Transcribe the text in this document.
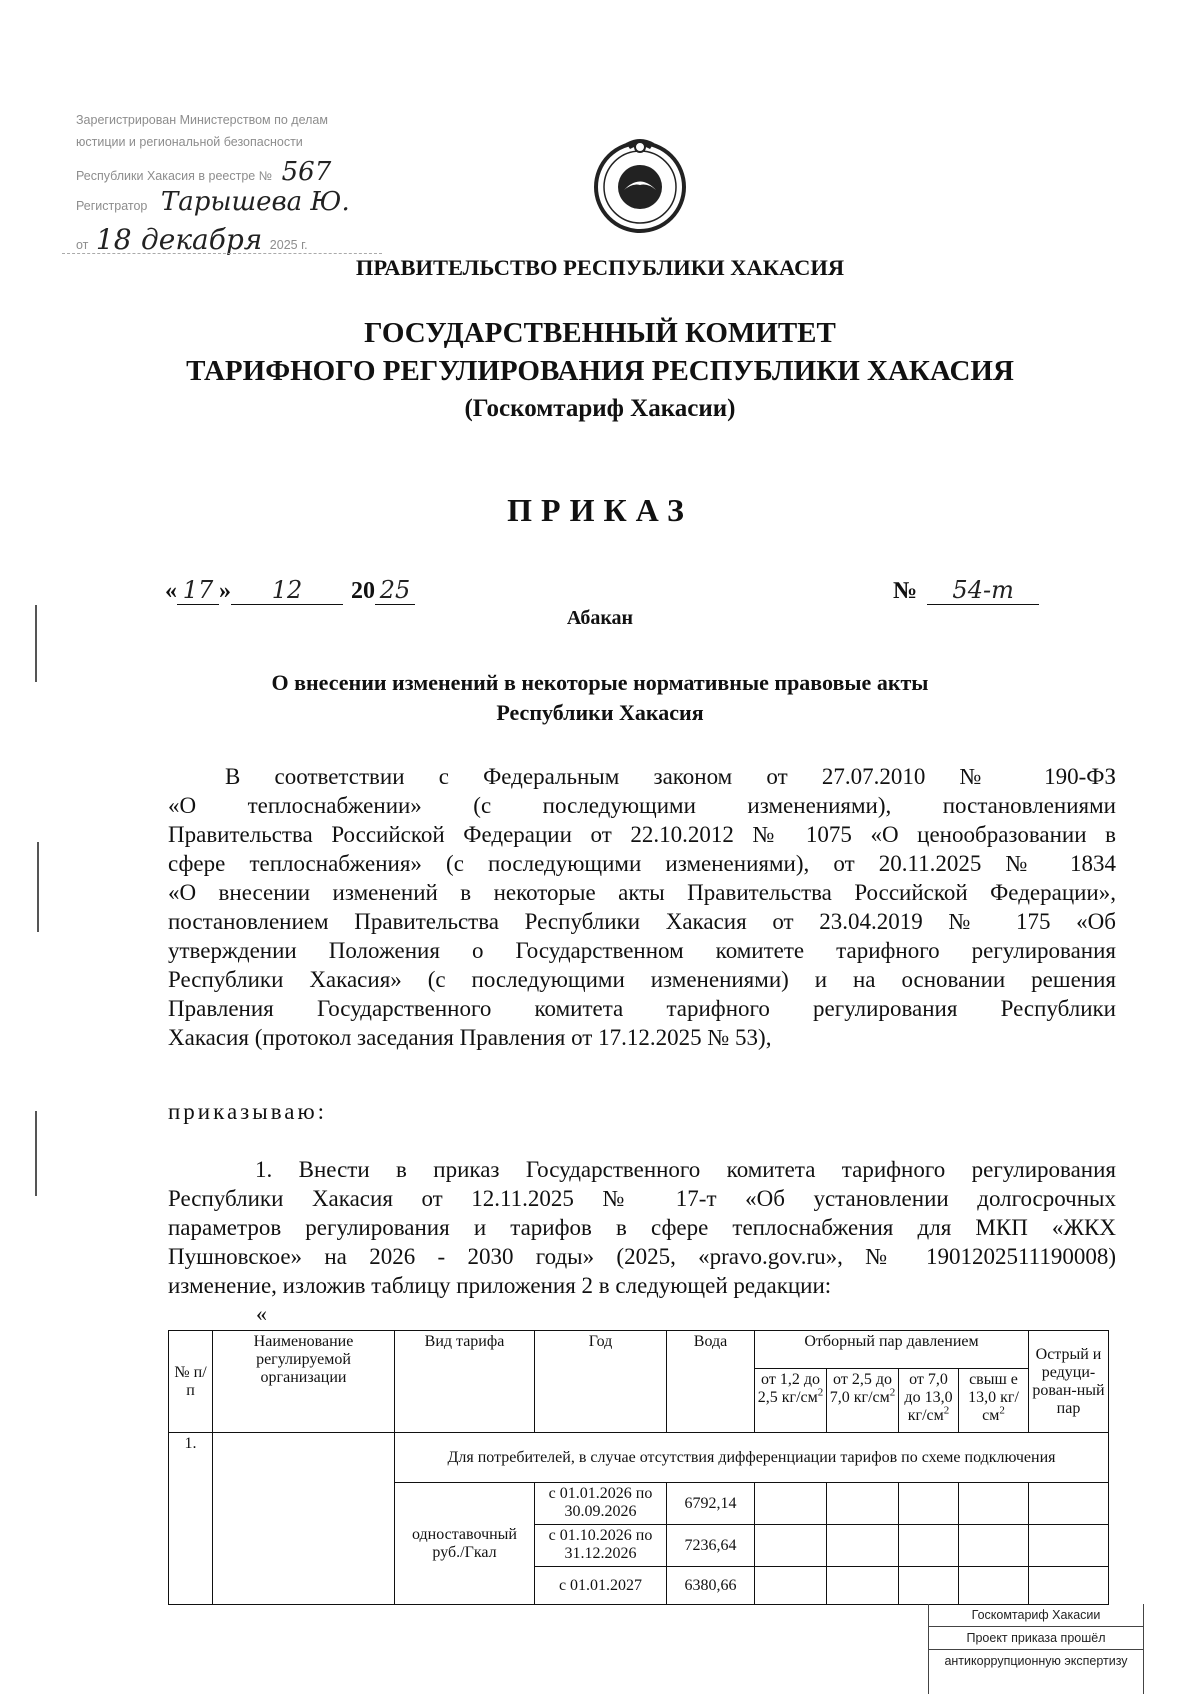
Зарегистрирован Министерством по делам
юстиции и региональной безопасности
Республики Хакасия в реестре № 567
Регистратор Тарышева Ю.
от 18 декабря 2025 г.
ПРАВИТЕЛЬСТВО РЕСПУБЛИКИ ХАКАСИЯ
ГОСУДАРСТВЕННЫЙ КОМИТЕТ
ТАРИФНОГО РЕГУЛИРОВАНИЯ РЕСПУБЛИКИ ХАКАСИЯ
(Госкомтариф Хакасии)
ПРИКАЗ
« 17 » 12 20 25	№ 54-т
Абакан
О внесении изменений в некоторые нормативные правовые акты
Республики Хакасия
В соответствии с Федеральным законом от 27.07.2010 № 190-ФЗ
«О теплоснабжении» (с последующими изменениями), постановлениями
Правительства Российской Федерации от 22.10.2012 № 1075 «О ценообразовании в
сфере теплоснабжения» (с последующими изменениями), от 20.11.2025 № 1834
«О внесении изменений в некоторые акты Правительства Российской Федерации»,
постановлением Правительства Республики Хакасия от 23.04.2019 № 175 «Об
утверждении Положения о Государственном комитете тарифного регулирования
Республики Хакасия» (с последующими изменениями) и на основании решения
Правления Государственного комитета тарифного регулирования Республики
Хакасия (протокол заседания Правления от 17.12.2025 № 53),
приказываю:
1. Внести в приказ Государственного комитета тарифного регулирования
Республики Хакасия от 12.11.2025 № 17-т «Об установлении долгосрочных
параметров регулирования и тарифов в сфере теплоснабжения для МКП «ЖКХ
Пушновское» на 2026 - 2030 годы» (2025, «pravo.gov.ru», № 1901202511190008)
изменение, изложив таблицу приложения 2 в следующей редакции:
«
№ п/п	Наименование регулируемой организации	Вид тарифа	Год	Вода	Отборный пар давлением				Острый и редуци-рован-ный пар
					от 1,2 до 2,5 $кг/см^2$	от 2,5 до 7,0 $кг/см^2$	от 7,0 до 13,0 $кг/см^2$	свыш е 13,0 $кг/см^2$
1.		Для потребителей, в случае отсутствия дифференциации тарифов по схеме подключения							
		одноставочный руб./Гкал	с 01.01.2026 по 30.09.2026	6792,14					
			с 01.10.2026 по 31.12.2026	7236,64					
			с 01.01.2027	6380,66					
Госкомтариф Хакасии
Проект приказа прошёл
антикоррупционную экспертизу
